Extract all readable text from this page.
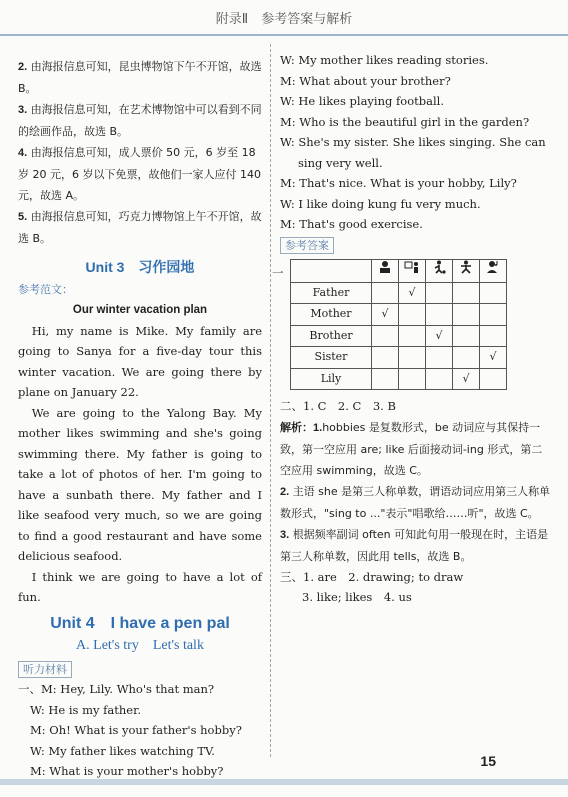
$_{附录Ⅱ 参考答案与解析}$
2. 由海报信息可知，昆虫博物馆下午不开馆，故选 B。
3. 由海报信息可知，在艺术博物馆中可以看到不同的绘画作品，故选 B。
4. 由海报信息可知，成人票价 50 元，6 岁至 18 岁 20 元，6 岁以下免票，故他们一家人应付 140 元，故选 A。
5. 由海报信息可知，巧克力博物馆上午不开馆，故选 B。
Unit 3　习作园地
参考范文：
Our winter vacation plan
Hi, my name is Mike. My family are going to Sanya for a five-day tour this winter vacation. We are going there by plane on January 22.
We are going to the Yalong Bay. My mother likes swimming and she's going swimming there. My father is going to take a lot of photos of her. I'm going to have a sunbath there. My father and I like seafood very much, so we are going to find a good restaurant and have some delicious seafood.
I think we are going to have a lot of fun.
Unit 4　I have a pen pal
A. Let's try　Let's talk
听力材料
一、M: Hey, Lily. Who's that man?
W: He is my father.
M: Oh! What is your father's hobby?
W: My father likes watching TV.
M: What is your mother's hobby?
W: My mother likes reading stories.
M: What about your brother?
W: He likes playing football.
M: Who is the beautiful girl in the garden?
W: She's my sister. She likes singing. She can sing very well.
M: That's nice. What is your hobby, Lily?
W: I like doing kung fu very much.
M: That's good exercise.
参考答案
一

Father		√			
Mother	√				
Brother			√		
Sister					√
Lily				√	
二、1. C　2. C　3. B
解析：1.hobbies 是复数形式，be 动词应与其保持一致，第一空应用 are; like 后面接动词-ing 形式，第二空应用 swimming，故选 C。
2. 主语 she 是第三人称单数，谓语动词应用第三人称单数形式，"sing to ..."表示"唱歌给……听"，故选 C。
3. 根据频率副词 often 可知此句用一般现在时，主语是第三人称单数，因此用 tells，故选 B。
三、1. are　2. drawing; to draw
3. like; likes　4. us
15
